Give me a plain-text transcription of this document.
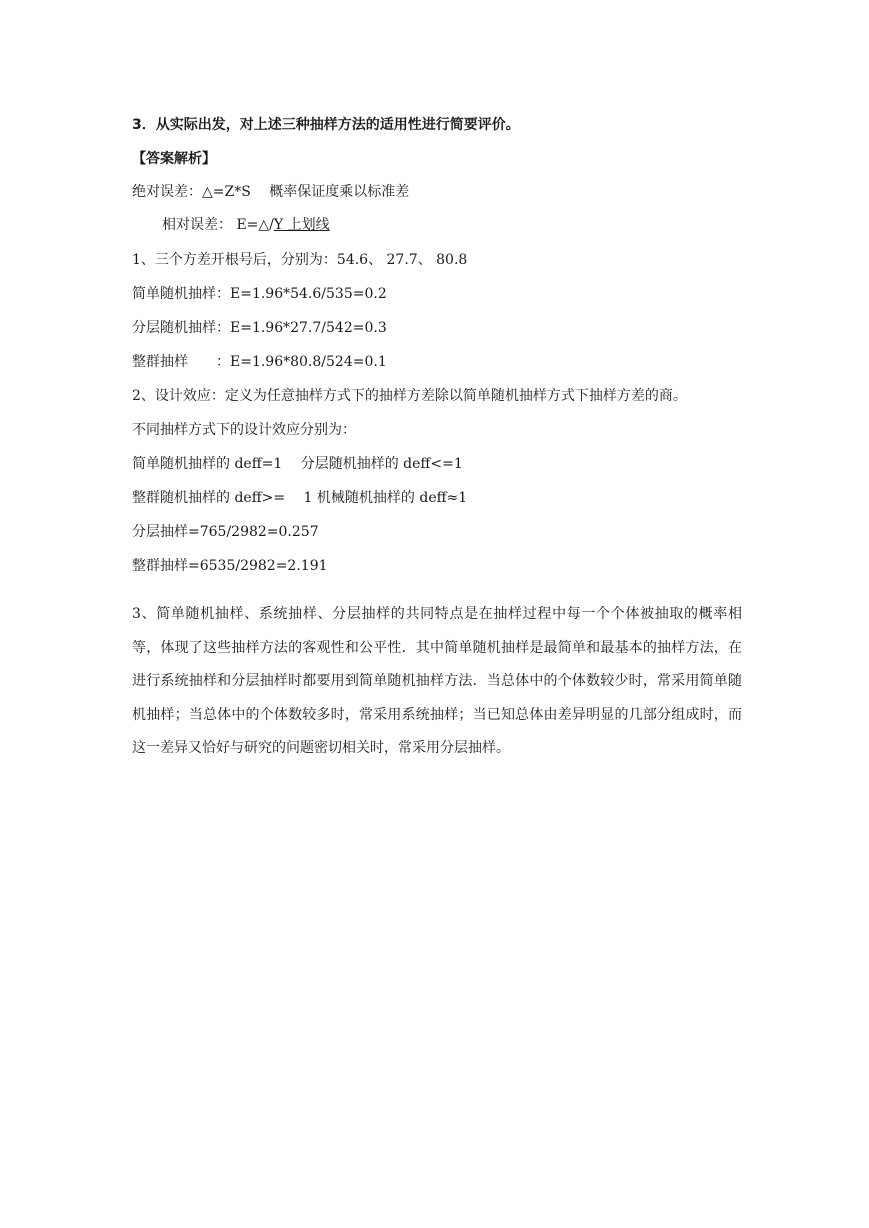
3．从实际出发，对上述三种抽样方法的适用性进行简要评价。
【答案解析】
绝对误差：△=Z*S　 概率保证度乘以标准差
相对误差： E=△/Y 上划线
1、三个方差开根号后，分别为：54.6、 27.7、 80.8
简单随机抽样：E=1.96*54.6/535=0.2
分层随机抽样：E=1.96*27.7/542=0.3
整群抽样　　：E=1.96*80.8/524=0.1
2、设计效应：定义为任意抽样方式下的抽样方差除以简单随机抽样方式下抽样方差的商。
不同抽样方式下的设计效应分别为：
简单随机抽样的 deff=1　 分层随机抽样的 deff<=1
整群随机抽样的 deff>=　 1 机械随机抽样的 deff≈1
分层抽样=765/2982=0.257
整群抽样=6535/2982=2.191
3、简单随机抽样、系统抽样、分层抽样的共同特点是在抽样过程中每一个个体被抽取的概率相等，体现了这些抽样方法的客观性和公平性．其中简单随机抽样是最简单和最基本的抽样方法，在进行系统抽样和分层抽样时都要用到简单随机抽样方法．当总体中的个体数较少时，常采用简单随机抽样；当总体中的个体数较多时，常采用系统抽样；当已知总体由差异明显的几部分组成时，而这一差异又恰好与研究的问题密切相关时，常采用分层抽样。
